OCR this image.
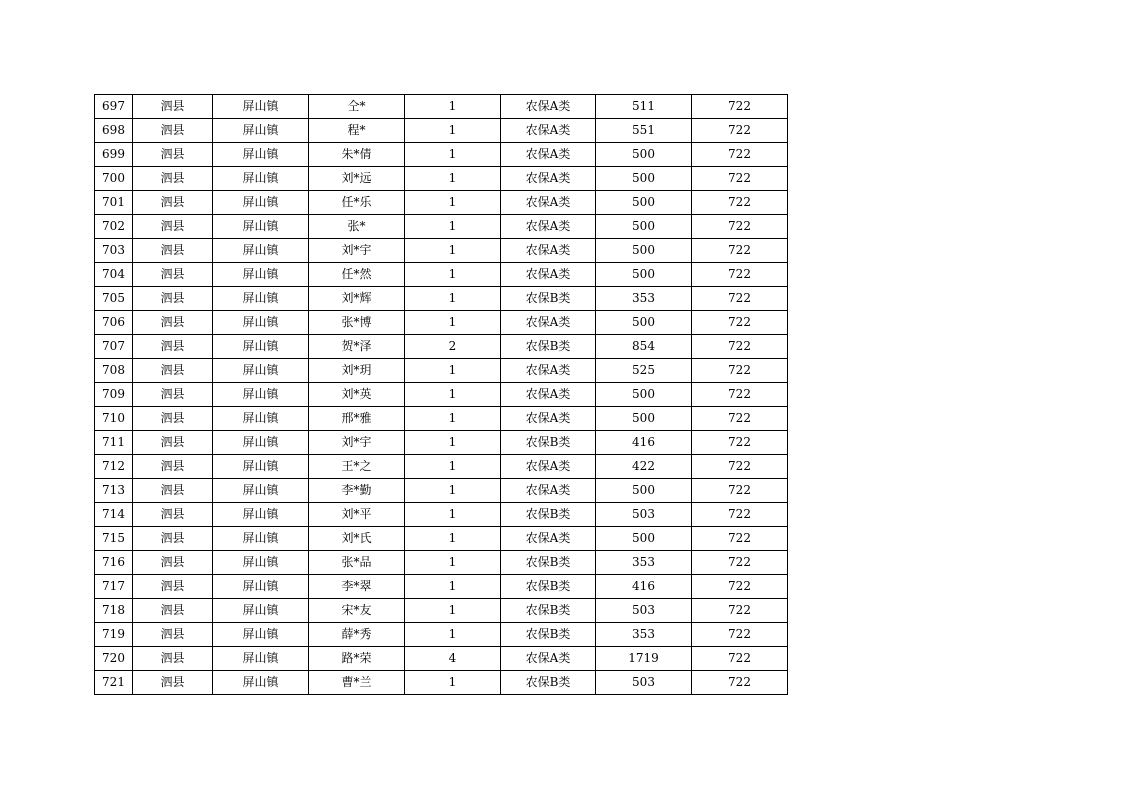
697	泗县	屏山镇	仝*	1	农保A类	511	722
698	泗县	屏山镇	程*	1	农保A类	551	722
699	泗县	屏山镇	朱*倩	1	农保A类	500	722
700	泗县	屏山镇	刘*远	1	农保A类	500	722
701	泗县	屏山镇	任*乐	1	农保A类	500	722
702	泗县	屏山镇	张*	1	农保A类	500	722
703	泗县	屏山镇	刘*宇	1	农保A类	500	722
704	泗县	屏山镇	任*然	1	农保A类	500	722
705	泗县	屏山镇	刘*辉	1	农保B类	353	722
706	泗县	屏山镇	张*博	1	农保A类	500	722
707	泗县	屏山镇	贺*泽	2	农保B类	854	722
708	泗县	屏山镇	刘*玥	1	农保A类	525	722
709	泗县	屏山镇	刘*英	1	农保A类	500	722
710	泗县	屏山镇	邢*雅	1	农保A类	500	722
711	泗县	屏山镇	刘*宇	1	农保B类	416	722
712	泗县	屏山镇	王*之	1	农保A类	422	722
713	泗县	屏山镇	李*勤	1	农保A类	500	722
714	泗县	屏山镇	刘*平	1	农保B类	503	722
715	泗县	屏山镇	刘*氏	1	农保A类	500	722
716	泗县	屏山镇	张*品	1	农保B类	353	722
717	泗县	屏山镇	李*翠	1	农保B类	416	722
718	泗县	屏山镇	宋*友	1	农保B类	503	722
719	泗县	屏山镇	薛*秀	1	农保B类	353	722
720	泗县	屏山镇	路*荣	4	农保A类	1719	722
721	泗县	屏山镇	曹*兰	1	农保B类	503	722
